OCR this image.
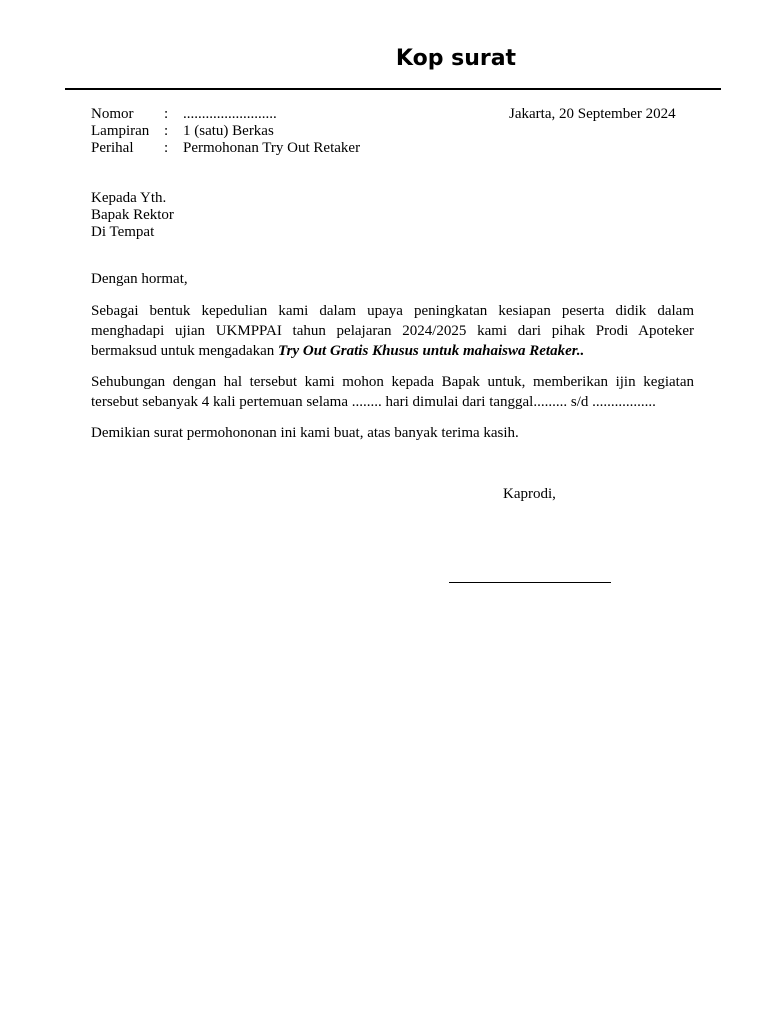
Kop surat
Nomor	: .........................
Lampiran : 1 (satu) Berkas
Perihal	: Permohonan Try Out Retaker
Jakarta, 20 September 2024
Kepada Yth.
Bapak Rektor
Di Tempat
Dengan hormat,
Sebagai bentuk kepedulian kami dalam upaya peningkatan kesiapan peserta didik dalam menghadapi ujian UKMPPAI tahun pelajaran 2024/2025 kami dari pihak Prodi Apoteker bermaksud untuk mengadakan Try Out Gratis Khusus untuk mahaiswa Retaker..
Sehubungan dengan hal tersebut kami mohon kepada Bapak untuk, memberikan ijin kegiatan tersebut sebanyak 4 kali pertemuan selama ........ hari dimulai dari tanggal......... s/d .................
Demikian surat permohononan ini kami buat, atas banyak terima kasih.
Kaprodi,
